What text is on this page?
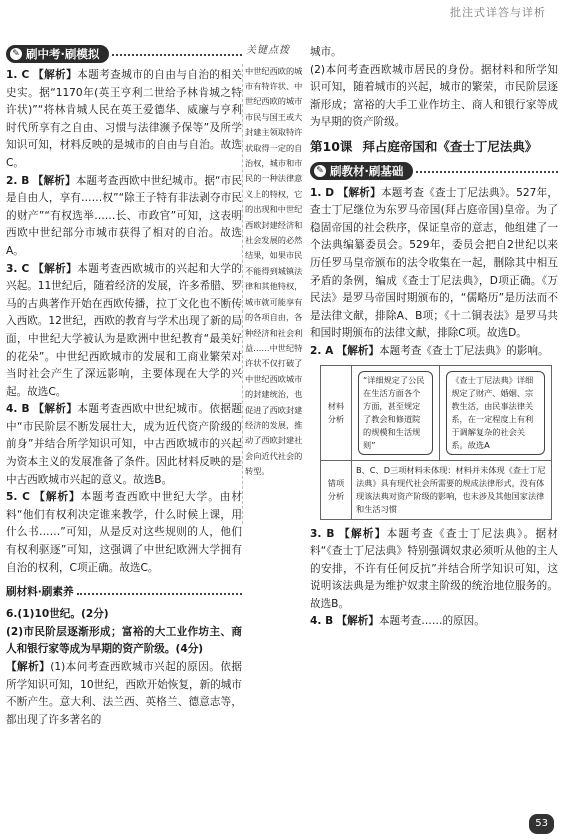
批注式详答与详析
✎ 刷中考·刷模拟

1. C 【解析】本题考查城市的自由与自治的相关史实。据“1170年(英王亨利二世给予林肯城之特许状)”“将林肯城人民在英王爱德华、威廉与亨利时代所享有之自由、习惯与法律濒予保等”及所学知识可知，材料反映的是城市的自由与自治。故选C。

2. B 【解析】本题考查西欧中世纪城市。据“市民是自由人，享有……权”“除王子特有非法剥夺市民的财产”“有权选举……长、市政官”可知，这表明西欧中世纪部分市城市获得了相对的自治。故选A。

3. C 【解析】本题考查西欧城市的兴起和大学的兴起。11世纪后，随着经济的发展，许多希腊、罗马的古典著作开始在西欧传播，拉丁文化也不断传入西欧。12世纪，西欧的教育与学术出现了新的局面，中世纪大学被认为是欧洲中世纪教育“最美好的花朵”。中世纪西欧城市的发展和工商业繁荣对当时社会产生了深远影响，主要体现在大学的兴起。故选C。

4. B 【解析】本题考查西欧中世纪城市。依据题中“市民阶层不断发展壮大，成为近代资产阶级的前身”并结合所学知识可知，中古西欧城市的兴起为资本主义的发展准备了条件。因此材料反映的是中古西欧城市兴起的意义。故选B。

5. C 【解析】本题考查西欧中世纪大学。由材料“他们有权利决定谁来教学，什么时候上课，用什么书……”可知，从是反对这些规则的人，他们有权利驱逐”可知，这强调了中世纪欧洲大学拥有自治的权利，C项正确。故选C。

刷材料·刷素养

6.(1)10世纪。(2分)

(2)市民阶层逐渐形成；富裕的大工业作坊主、商人和银行家等成为早期的资产阶级。(4分)

【解析】(1)本问考查西欧城市兴起的原因。依据所学知识可知，10世纪，西欧开始恢复，新的城市不断产生。意大利、法兰西、英格兰、德意志等，都出现了许多著名的

关键点拨
中世纪西欧的城市有特许状、中世纪西欧的城市市民与国王或大封建主领取特许状取得一定的自治权，城市和市民的一种法律意义上的特权，它的出现和中世纪西欧封建经济和社会发展的必然结果，如果市民不能得到城镇法律和其他特权，城市就可能享有的各项自由，各种经济和社会利益……中世纪特许状不仅打破了中世纪西欧城市的封建统治，也促进了西欧封建经济的发展，推动了西欧封建社会向近代社会的转型。

城市。

(2)本问考查西欧城市居民的身份。据材料和所学知识可知，随着城市的兴起，城市的繁荣，市民阶层逐渐形成；富裕的大手工业作坊主、商人和银行家等成为早期的资产阶级。

第10课 拜占庭帝国和《查士丁尼法典》
✎ 刷教材·刷基础

1. D 【解析】本题考查《查士丁尼法典》。527年，查士丁尼继位为东罗马帝国(拜占庭帝国)皇帝。为了稳固帝国的社会秩序，保证皇帝的意志，他组建了一个法典编纂委员会。529年，委员会把自2世纪以来历任罗马皇帝颁布的法令收集在一起，删除其中相互矛盾的条例，编成《查士丁尼法典》，D项正确。《万民法》是罗马帝国时期颁布的，“儒略历”是历法而不是法律文献，排除A、B项；《十二铜表法》是罗马共和国时期颁布的法律文献，排除C项。故选D。

2. A 【解析】本题考查《查士丁尼法典》的影响。

材料分析	“详细规定了公民在生活方面各个方面，甚至规定了教会和修道院的规模和生活规则”	《查士丁尼法典》详细规定了财产、婚姻、宗教生活，由民事法律关系，在一定程度上有利于调解复杂的社会关系。故选A
错项分析	B、C、D三项材料未体现：材料并未体现《查士丁尼法典》具有现代社会所需要的规成法律形式，没有体现该法典对资产阶级的影响，也未涉及其他国家法律和生活习惯	

3. B 【解析】本题考查《查士丁尼法典》。据材料“《查士丁尼法典》特别强调奴隶必须听从他的主人的安排，不许有任何反抗”并结合所学知识可知，这说明该法典是为维护奴隶主阶级的统治地位服务的。故选B。

4. B 【解析】本题考查……的原因。

53
